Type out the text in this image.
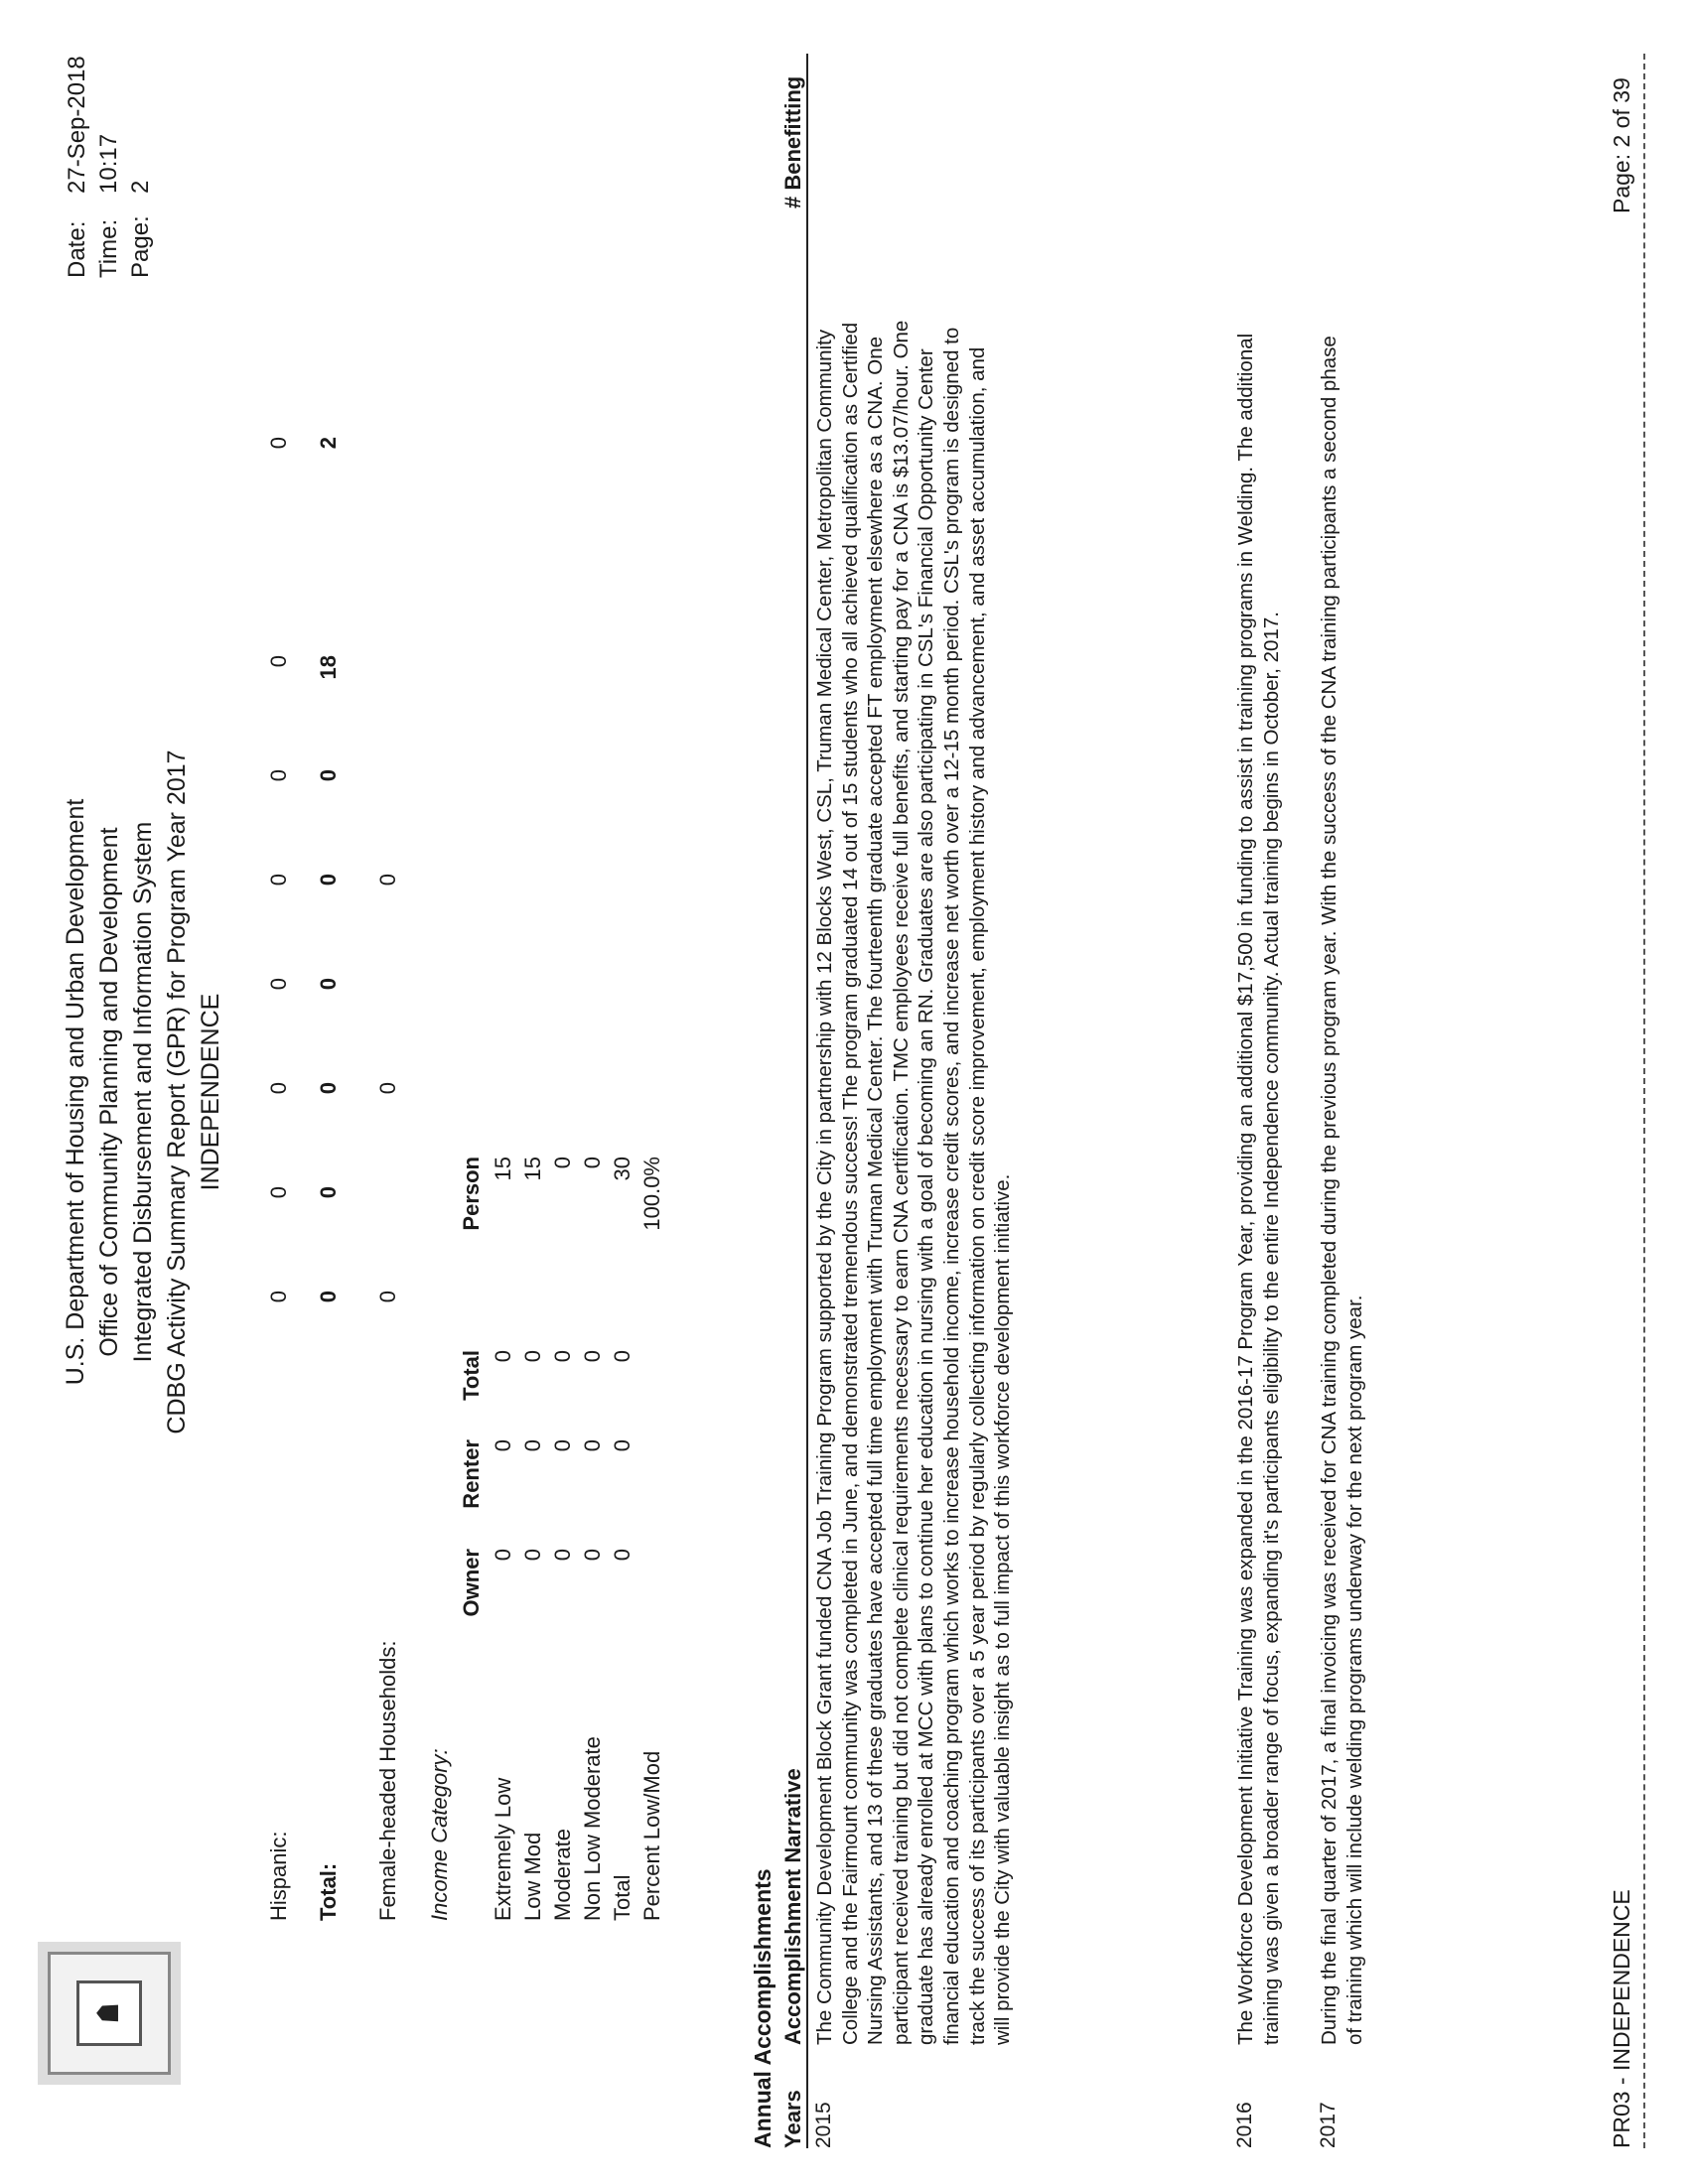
☗
U.S. Department of Housing and Urban Development Office of Community Planning and Development Integrated Disbursement and Information System CDBG Activity Summary Report (GPR) for Program Year 2017 INDEPENDENCE
Date:
27-Sep-2018
Time:
10:17
Page:
2
Hispanic:
0
0
0
0
0
0
0
0
Total:
0
0
0
0
0
0
18
2
Female-headed Households:
0
0
0
Income Category:
Owner
Renter
Total
Person
Extremely Low
0
0
0
15
Low Mod
0
0
0
15
Moderate
0
0
0
0
Non Low Moderate
0
0
0
0
Total
0
0
0
30
Percent Low/Mod
100.0%
Annual Accomplishments Years
Accomplishment Narrative
# Benefitting
2015
The Community Development Block Grant funded CNA Job Training Program supported by the City in partnership with 12 Blocks West, CSL, Truman Medical Center, Metropolitan Community College and the Fairmount community was completed in June, and demonstrated tremendous success! The program graduated 14 out of 15 students who all achieved qualification as Certified Nursing Assistants, and 13 of these graduates have accepted full time employment with Truman Medical Center. The fourteenth graduate accepted FT employment elsewhere as a CNA. One participant received training but did not complete clinical requirements necessary to earn CNA certification. TMC employees receive full benefits, and starting pay for a CNA is $13.07/hour. One graduate has already enrolled at MCC with plans to continue her education in nursing with a goal of becoming an RN. Graduates are also participating in CSL's Financial Opportunity Center financial education and coaching program which works to increase household income, increase credit scores, and increase net worth over a 12-15 month period. CSL's program is designed to track the success of its participants over a 5 year period by regularly collecting information on credit score improvement, employment history and advancement, and asset accumulation, and will provide the City with valuable insight as to full impact of this workforce development initiative.
2016
The Workforce Development Initiative Training was expanded in the 2016-17 Program Year, providing an additional $17,500 in funding to assist in training programs in Welding. The additional training was given a broader range of focus, expanding it's participants eligibility to the entire Independence community. Actual training begins in October, 2017.
2017
During the final quarter of 2017, a final invoicing was received for CNA training completed during the previous program year. With the success of the CNA training participants a second phase of training which will include welding programs underway for the next program year.	PR03 - INDEPENDENCE
Page: 2 of 39
